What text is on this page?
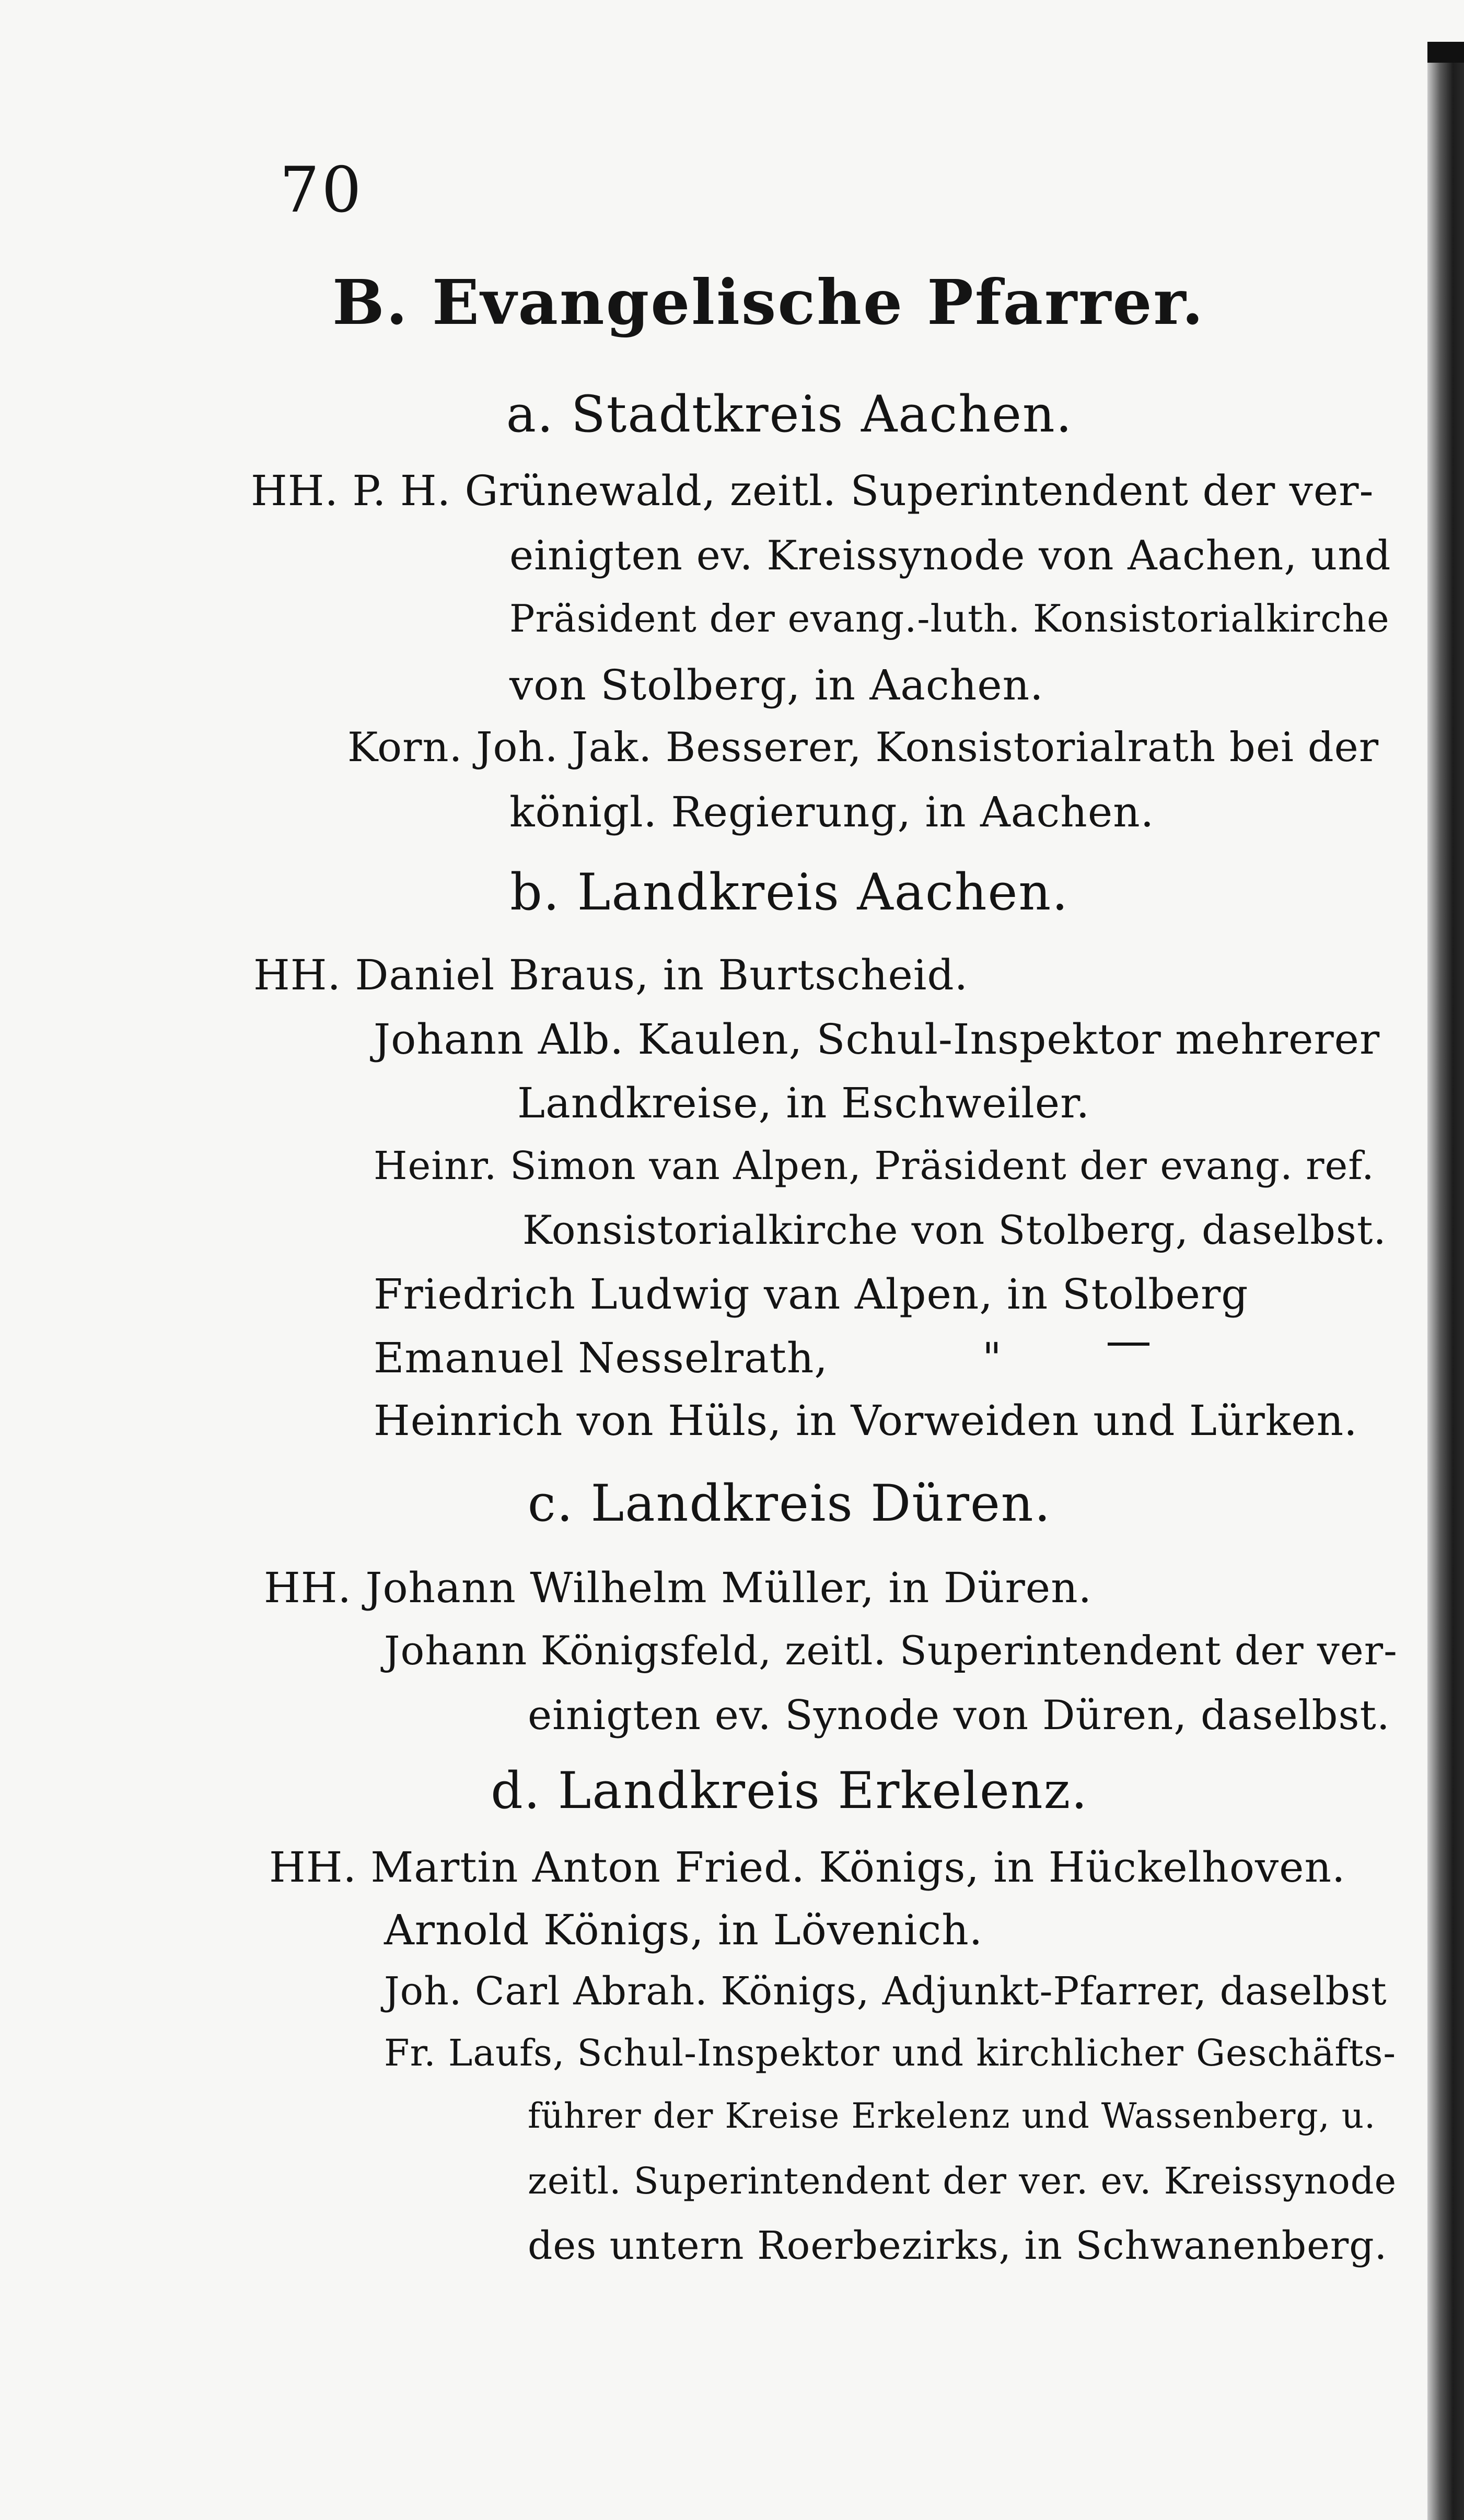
70
B. Evangelische Pfarrer.
a. Stadtkreis Aachen.
HH. P. H. Grünewald, zeitl. Superintendent der ver-
einigten ev. Kreissynode von Aachen, und
Präsident der evang.-luth. Konsistorialkirche
von Stolberg, in Aachen.
Korn. Joh. Jak. Besserer, Konsistorialrath bei der
königl. Regierung, in Aachen.
b. Landkreis Aachen.
HH. Daniel Braus, in Burtscheid.
Johann Alb. Kaulen, Schul-Inspektor mehrerer
Landkreise, in Eschweiler.
Heinr. Simon van Alpen, Präsident der evang. ref.
Konsistorialkirche von Stolberg, daselbst.
Friedrich Ludwig van Alpen, in Stolberg
Emanuel Nesselrath,	"
Heinrich von Hüls, in Vorweiden und Lürken.
c. Landkreis Düren.
HH. Johann Wilhelm Müller, in Düren.
Johann Königsfeld, zeitl. Superintendent der ver-
einigten ev. Synode von Düren, daselbst.
d. Landkreis Erkelenz.
HH. Martin Anton Fried. Königs, in Hückelhoven.
Arnold Königs, in Lövenich.
Joh. Carl Abrah. Königs, Adjunkt-Pfarrer, daselbst
Fr. Laufs, Schul-Inspektor und kirchlicher Geschäfts-
führer der Kreise Erkelenz und Wassenberg, u.
zeitl. Superintendent der ver. ev. Kreissynode
des untern Roerbezirks, in Schwanenberg.
